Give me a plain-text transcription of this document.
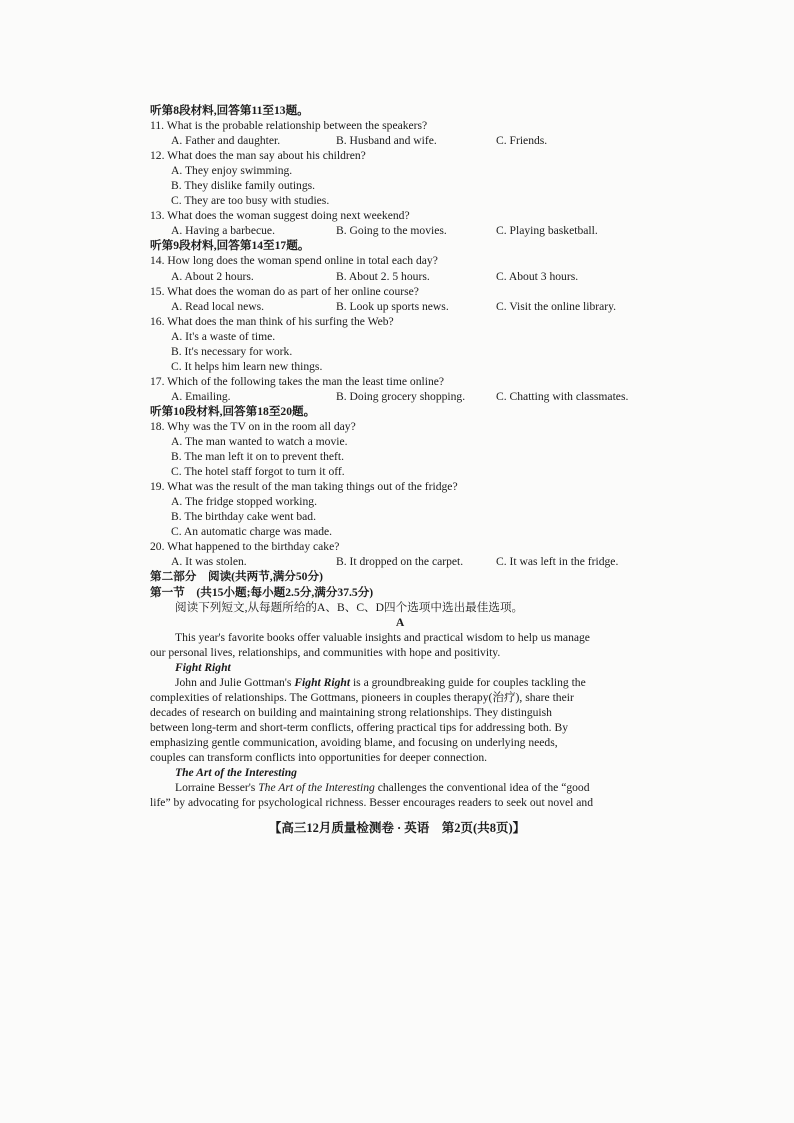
听第8段材料,回答第11至13题。
11. What is the probable relationship between the speakers?
A. Father and daughter.	B. Husband and wife.	C. Friends.
12. What does the man say about his children?
A. They enjoy swimming.
B. They dislike family outings.
C. They are too busy with studies.
13. What does the woman suggest doing next weekend?
A. Having a barbecue.	B. Going to the movies.	C. Playing basketball.
听第9段材料,回答第14至17题。
14. How long does the woman spend online in total each day?
A. About 2 hours.	B. About 2. 5 hours.	C. About 3 hours.
15. What does the woman do as part of her online course?
A. Read local news.	B. Look up sports news.	C. Visit the online library.
16. What does the man think of his surfing the Web?
A. It's a waste of time.
B. It's necessary for work.
C. It helps him learn new things.
17. Which of the following takes the man the least time online?
A. Emailing.	B. Doing grocery shopping.	C. Chatting with classmates.
听第10段材料,回答第18至20题。
18. Why was the TV on in the room all day?
A. The man wanted to watch a movie.
B. The man left it on to prevent theft.
C. The hotel staff forgot to turn it off.
19. What was the result of the man taking things out of the fridge?
A. The fridge stopped working.
B. The birthday cake went bad.
C. An automatic charge was made.
20. What happened to the birthday cake?
A. It was stolen.	B. It dropped on the carpet.	C. It was left in the fridge.
第二部分　阅读(共两节,满分50分)
第一节　(共15小题;每小题2.5分,满分37.5分)
阅读下列短文,从每题所给的A、B、C、D四个选项中选出最佳选项。
A
This year's favorite books offer valuable insights and practical wisdom to help us manage
our personal lives, relationships, and communities with hope and positivity.
Fight Right
John and Julie Gottman's Fight Right is a groundbreaking guide for couples tackling the
complexities of relationships. The Gottmans, pioneers in couples therapy(治疗), share their
decades of research on building and maintaining strong relationships. They distinguish
between long-term and short-term conflicts, offering practical tips for addressing both. By
emphasizing gentle communication, avoiding blame, and focusing on underlying needs,
couples can transform conflicts into opportunities for deeper connection.
The Art of the Interesting
Lorraine Besser's The Art of the Interesting challenges the conventional idea of the “good
life” by advocating for psychological richness. Besser encourages readers to seek out novel and
【高三12月质量检测卷 · 英语　第2页(共8页)】
